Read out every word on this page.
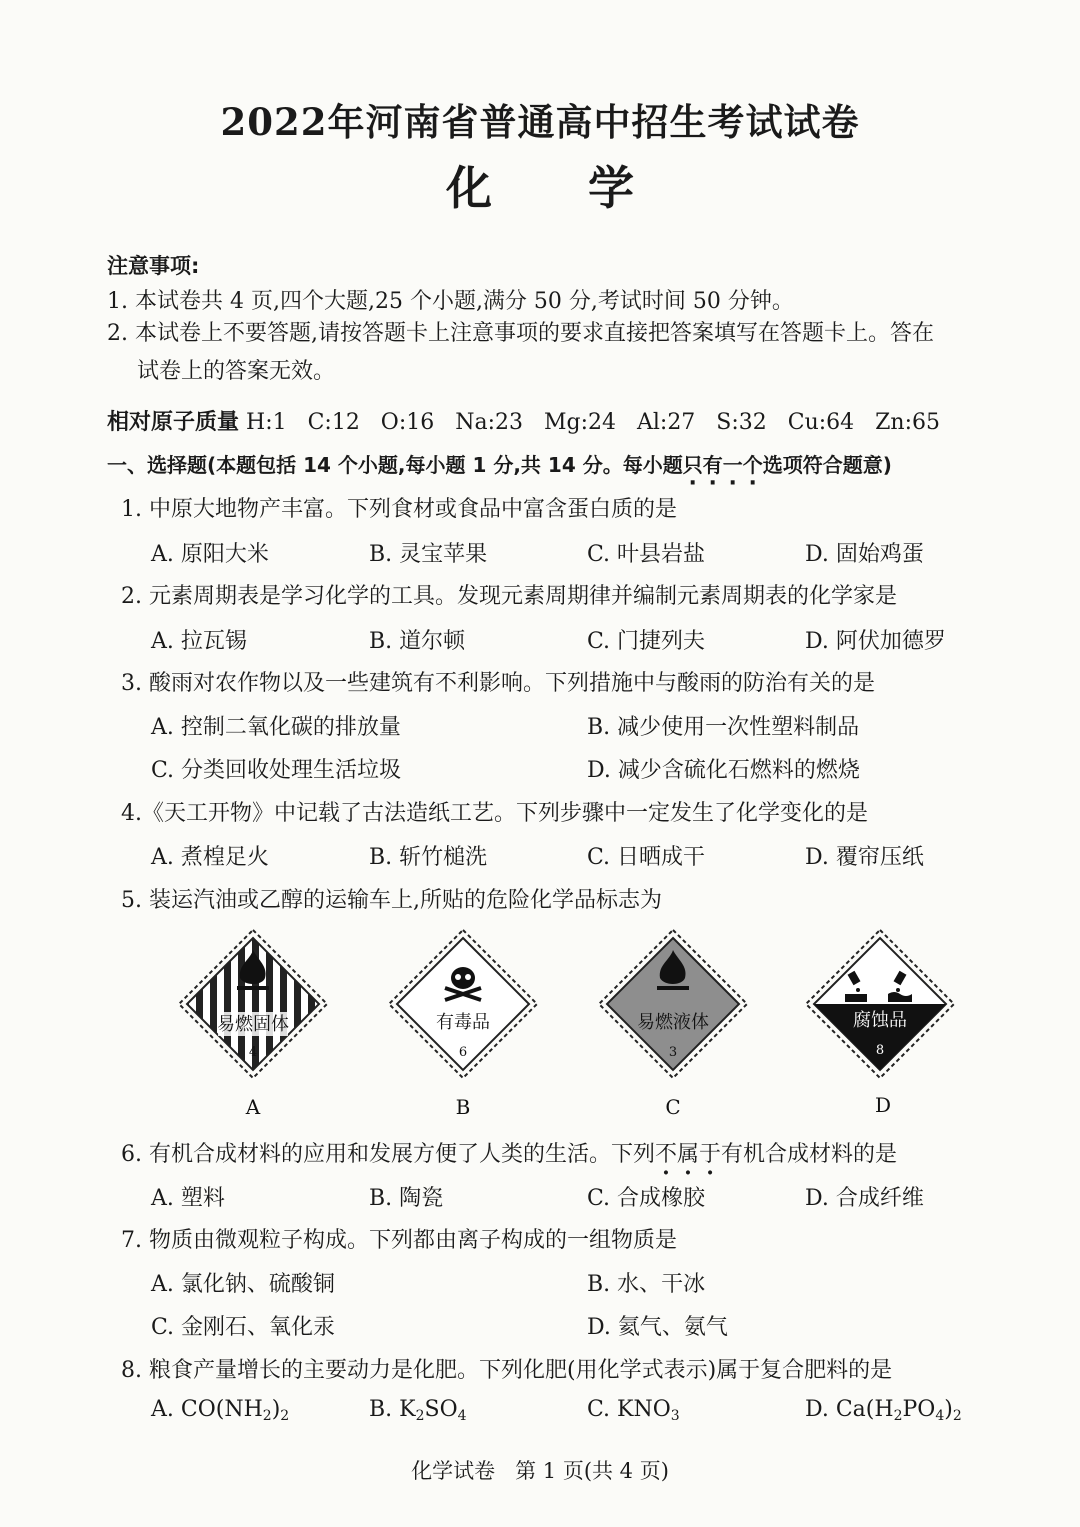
2022年河南省普通高中招生考试试卷
化 学
注意事项:
1. 本试卷共 4 页,四个大题,25 个小题,满分 50 分,考试时间 50 分钟。
2. 本试卷上不要答题,请按答题卡上注意事项的要求直接把答案填写在答题卡上。答在
试卷上的答案无效。
相对原子质量 H:1   C:12   O:16   Na:23   Mg:24   Al:27   S:32   Cu:64   Zn:65
一、选择题(本题包括 14 个小题,每小题 1 分,共 14 分。每小题只有一个选项符合题意)
1. 中原大地物产丰富。下列食材或食品中富含蛋白质的是
A. 原阳大米	B. 灵宝苹果	C. 叶县岩盐	D. 固始鸡蛋
2. 元素周期表是学习化学的工具。发现元素周期律并编制元素周期表的化学家是
A. 拉瓦锡	B. 道尔顿	C. 门捷列夫	D. 阿伏加德罗
3. 酸雨对农作物以及一些建筑有不利影响。下列措施中与酸雨的防治有关的是
A. 控制二氧化碳的排放量	B. 减少使用一次性塑料制品
C. 分类回收处理生活垃圾	D. 减少含硫化石燃料的燃烧
4.《天工开物》中记载了古法造纸工艺。下列步骤中一定发生了化学变化的是
A. 煮楻足火	B. 斩竹槌洗	C. 日晒成干	D. 覆帘压纸
5. 装运汽油或乙醇的运输车上,所贴的危险化学品标志为
易燃固体
4
有毒品
6
易燃液体
3
腐蚀品
8
A	B	C	D
6. 有机合成材料的应用和发展方便了人类的生活。下列不属于有机合成材料的是
A. 塑料	B. 陶瓷	C. 合成橡胶	D. 合成纤维
7. 物质由微观粒子构成。下列都由离子构成的一组物质是
A. 氯化钠、硫酸铜	B. 水、干冰
C. 金刚石、氧化汞	D. 氦气、氨气
8. 粮食产量增长的主要动力是化肥。下列化肥(用化学式表示)属于复合肥料的是
A. $CO(NH_2)_2$	B. $K_2SO_4$	C. $KNO_3$	D. $Ca(H_2PO_4)_2$
化学试卷   第 1 页(共 4 页)
